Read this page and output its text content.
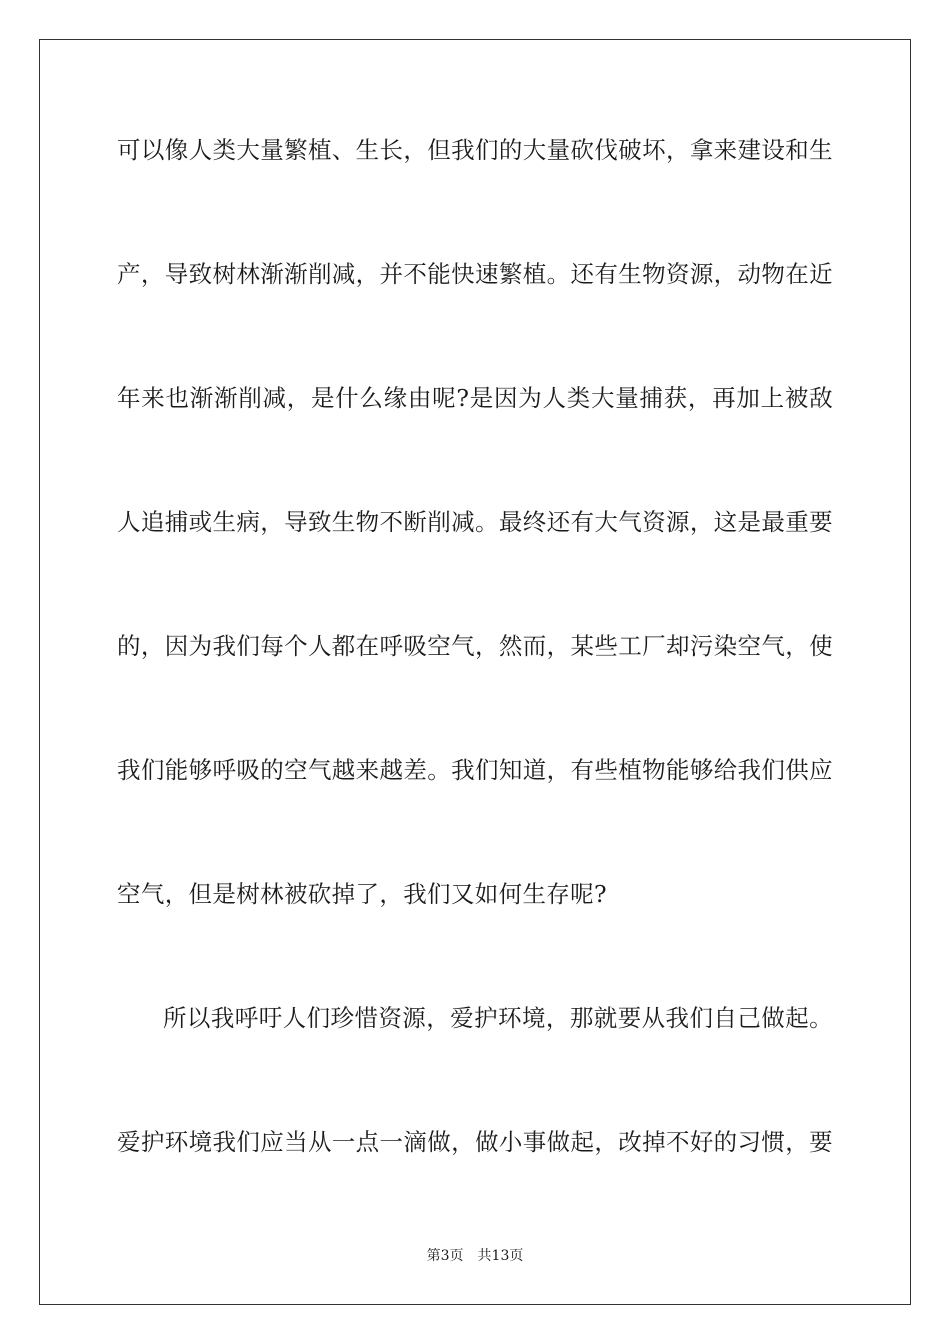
可以像人类大量繁植、生长，但我们的大量砍伐破坏，拿来建设和生
产，导致树林渐渐削减，并不能快速繁植。还有生物资源，动物在近
年来也渐渐削减，是什么缘由呢?是因为人类大量捕获，再加上被敌
人追捕或生病，导致生物不断削减。最终还有大气资源，这是最重要
的，因为我们每个人都在呼吸空气，然而，某些工厂却污染空气，使
我们能够呼吸的空气越来越差。我们知道，有些植物能够给我们供应
空气，但是树林被砍掉了，我们又如何生存呢?
所以我呼吁人们珍惜资源，爱护环境，那就要从我们自己做起。
爱护环境我们应当从一点一滴做，做小事做起，改掉不好的习惯，要
第3页 共13页
